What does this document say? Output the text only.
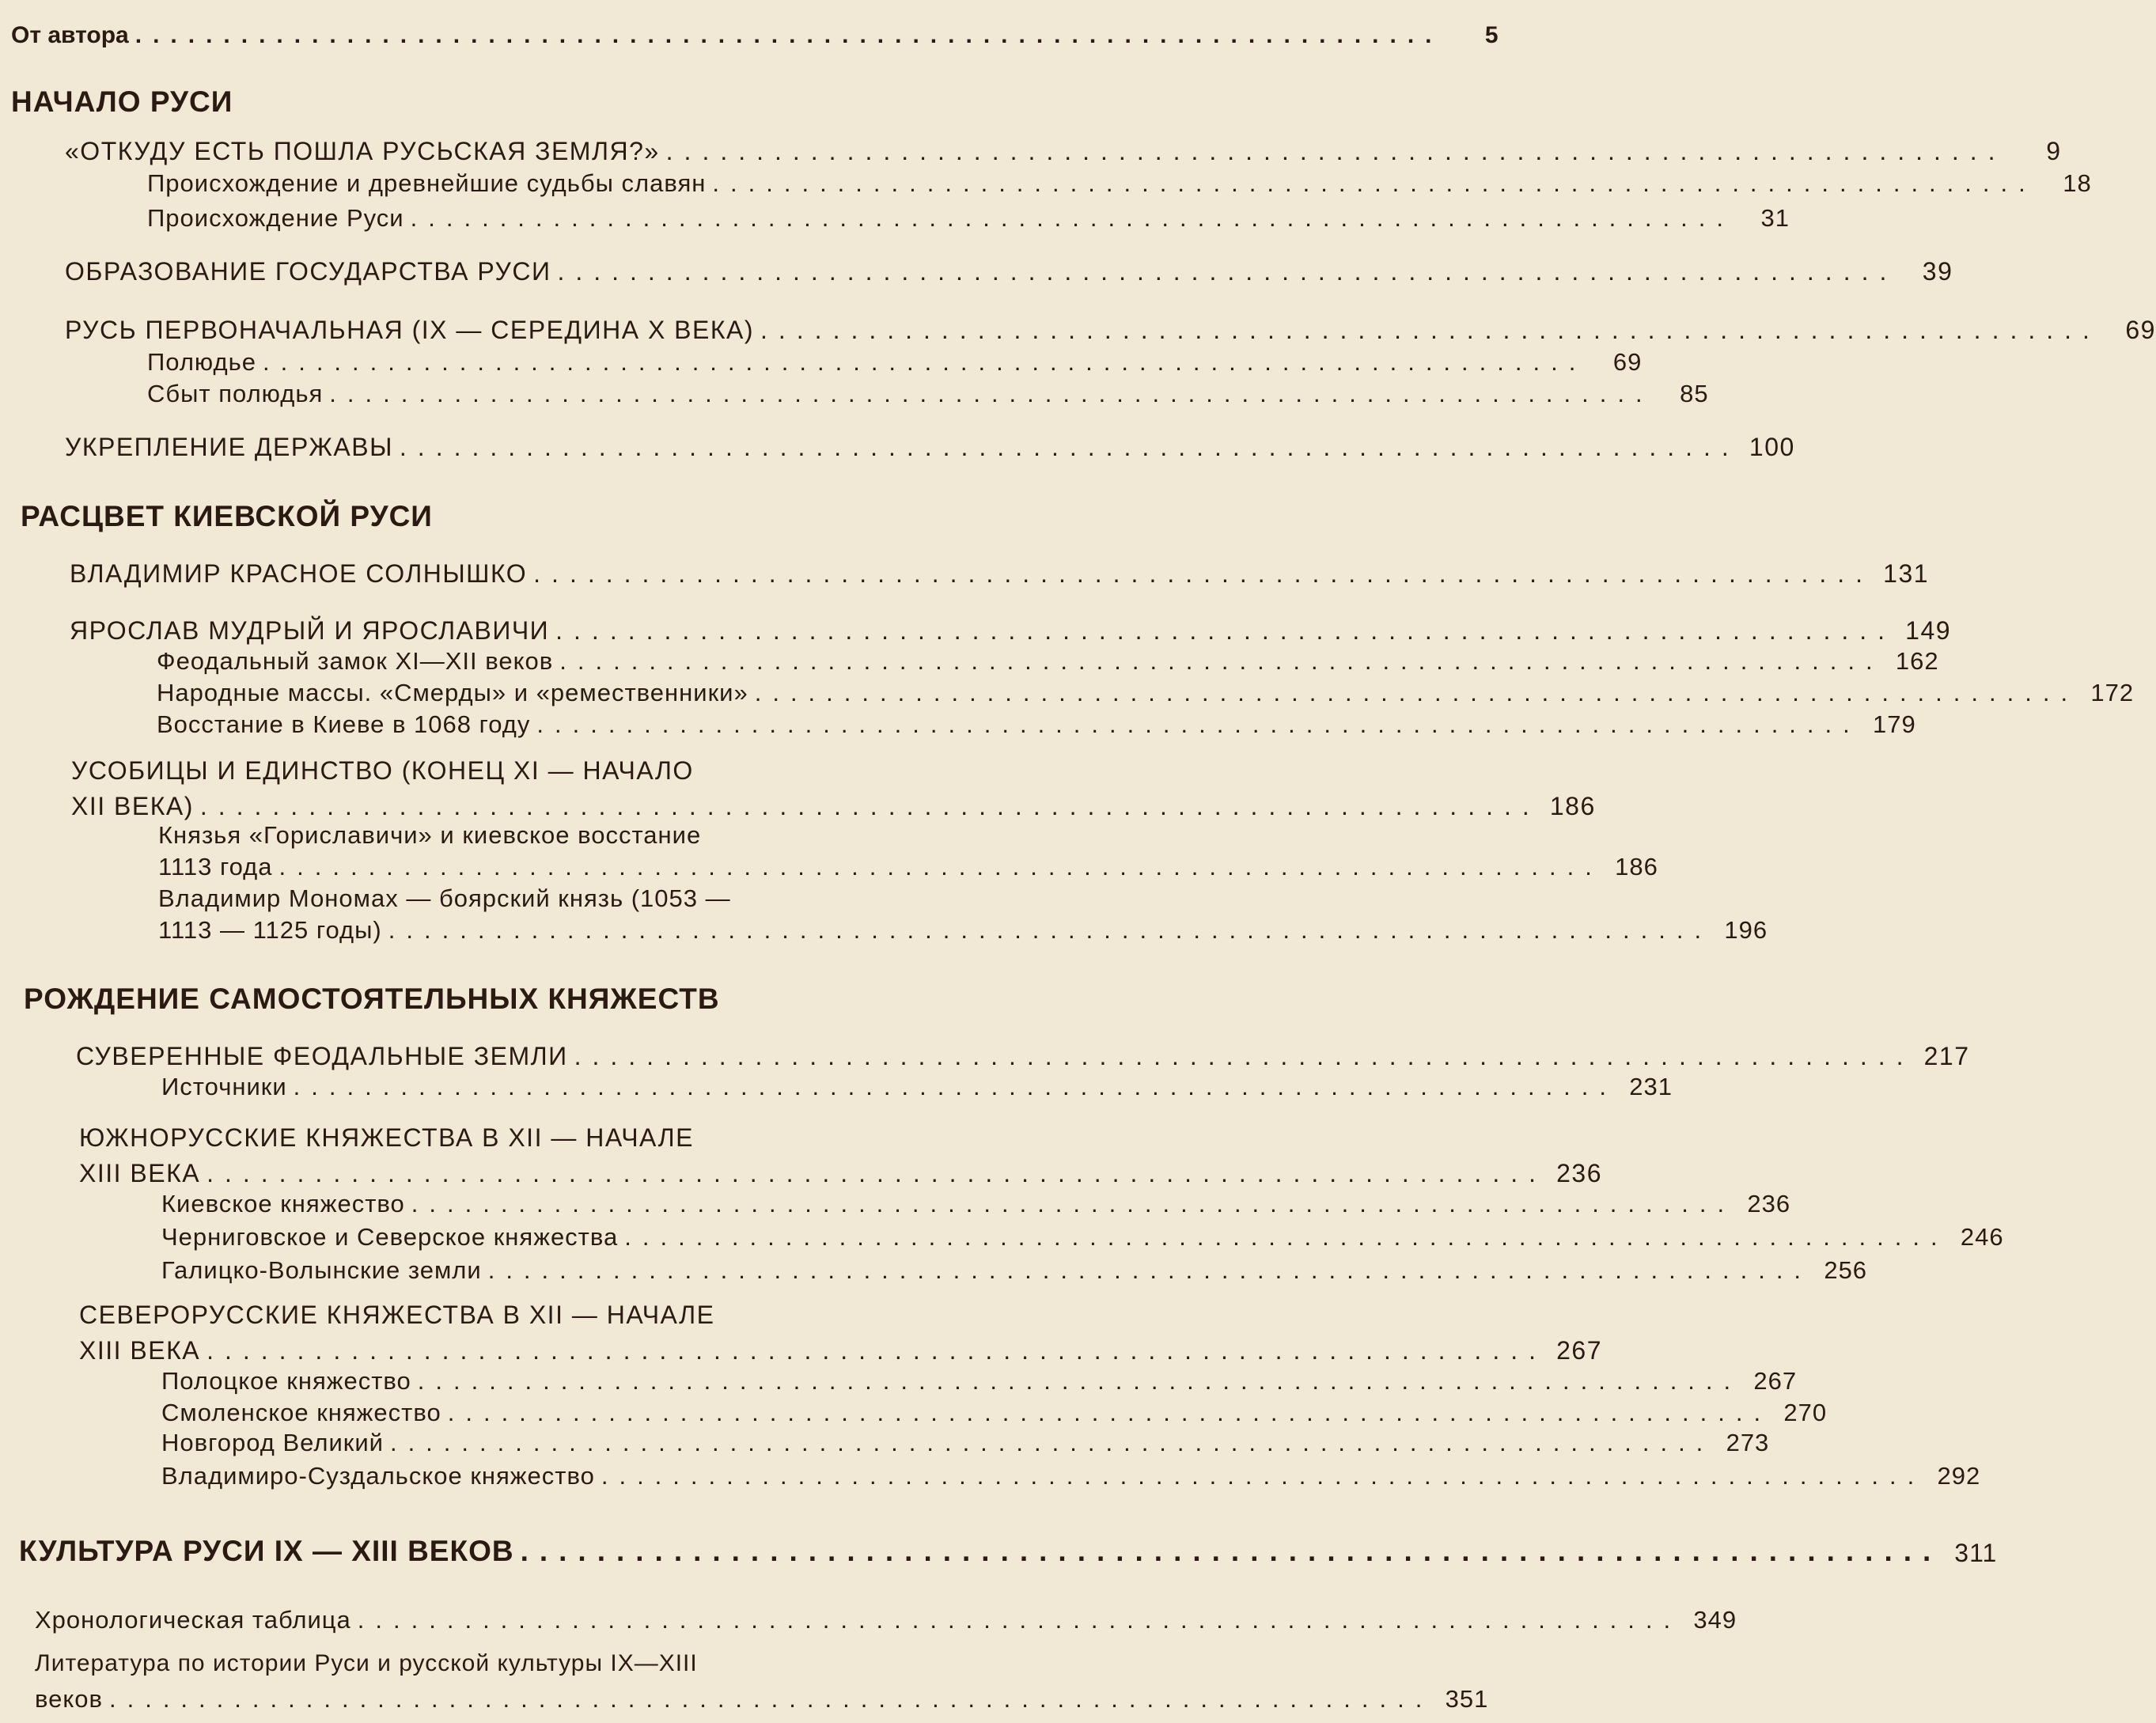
От автора ..........................................................................	5
НАЧАЛО РУСИ
«ОТКУДУ ЕСТЬ ПОШЛА РУСЬСКАЯ ЗЕМЛЯ?» ..........................................................................	9
Происхождение и древнейшие судьбы славян ..........................................................................	18
Происхождение Руси ..........................................................................	31
ОБРАЗОВАНИЕ ГОСУДАРСТВА РУСИ .......................................................................... 39
РУСЬ ПЕРВОНАЧАЛЬНАЯ (IX — СЕРЕДИНА X ВЕКА) .......................................................................... 69
Полюдье ..........................................................................	69
Сбыт полюдья ..........................................................................	85
УКРЕПЛЕНИЕ ДЕРЖАВЫ .......................................................................... 100
РАСЦВЕТ КИЕВСКОЙ РУСИ
ВЛАДИМИР КРАСНОЕ СОЛНЫШКО .......................................................................... 131
ЯРОСЛАВ МУДРЫЙ И ЯРОСЛАВИЧИ .......................................................................... 149
Феодальный замок XI—XII веков .......................................................................... 162
Народные массы. «Смерды» и «ремественники» .......................................................................... 172
Восстание в Киеве в 1068 году .......................................................................... 179
УСОБИЦЫ И ЕДИНСТВО (КОНЕЦ XI — НАЧАЛО
XII ВЕКА) .......................................................................... 186
Князья «Гориславичи» и киевское восстание
1113 года .......................................................................... 186
Владимир Мономах — боярский князь (1053 —
1113 — 1125 годы) .......................................................................... 196
РОЖДЕНИЕ САМОСТОЯТЕЛЬНЫХ КНЯЖЕСТВ
СУВЕРЕННЫЕ ФЕОДАЛЬНЫЕ ЗЕМЛИ .......................................................................... 217
Источники .......................................................................... 231
ЮЖНОРУССКИЕ КНЯЖЕСТВА В XII — НАЧАЛЕ
XIII ВЕКА .......................................................................... 236
Киевское княжество .......................................................................... 236
Черниговское и Северское княжества .......................................................................... 246
Галицко-Волынские земли .......................................................................... 256
СЕВЕРОРУССКИЕ КНЯЖЕСТВА В XII — НАЧАЛЕ
XIII ВЕКА .......................................................................... 267
Полоцкое княжество .......................................................................... 267
Смоленское княжество .......................................................................... 270
Новгород Великий .......................................................................... 273
Владимиро-Суздальское княжество .......................................................................... 292
КУЛЬТУРА РУСИ IX — XIII ВЕКОВ .......................................................................... 311
Хронологическая таблица .......................................................................... 349
Литература по истории Руси и русской культуры IX—XIII
веков .......................................................................... 351
